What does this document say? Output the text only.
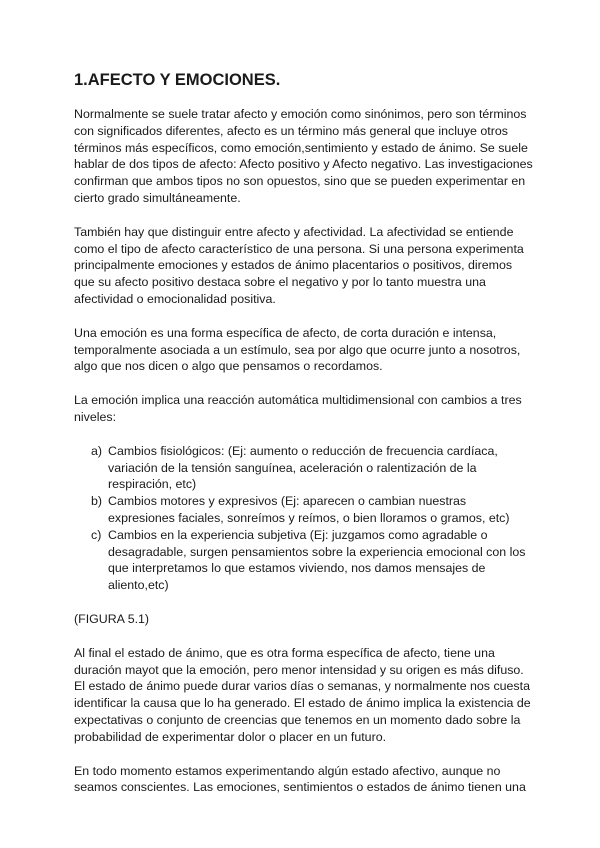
1.AFECTO Y EMOCIONES.

Normalmente se suele tratar afecto y emoción como sinónimos, pero son términos con significados diferentes, afecto es un término más general que incluye otros términos más específicos, como emoción,sentimiento y estado de ánimo. Se suele hablar de dos tipos de afecto: Afecto positivo y Afecto negativo. Las investigaciones confirman que ambos tipos no son opuestos, sino que se pueden experimentar en cierto grado simultáneamente.

También hay que distinguir entre afecto y afectividad. La afectividad se entiende como el tipo de afecto característico de una persona. Si una persona experimenta principalmente emociones y estados de ánimo placentarios o positivos, diremos que su afecto positivo destaca sobre el negativo y por lo tanto muestra una afectividad o emocionalidad positiva.

Una emoción es una forma específica de afecto, de corta duración e intensa, temporalmente asociada a un estímulo, sea por algo que ocurre junto a nosotros, algo que nos dicen o algo que pensamos o recordamos.

La emoción implica una reacción automática multidimensional con cambios a tres niveles:

a) Cambios fisiológicos: (Ej: aumento o reducción de frecuencia cardíaca, variación de la tensión sanguínea, aceleración o ralentización de la respiración, etc)
b) Cambios motores y expresivos (Ej: aparecen o cambian nuestras expresiones faciales, sonreímos y reímos, o bien lloramos o gramos, etc)
c) Cambios en la experiencia subjetiva (Ej: juzgamos como agradable o desagradable, surgen pensamientos sobre la experiencia emocional con los que interpretamos lo que estamos viviendo, nos damos mensajes de aliento,etc)

(FIGURA 5.1)

Al final el estado de ánimo, que es otra forma específica de afecto, tiene una duración mayot que la emoción, pero menor intensidad y su origen es más difuso. El estado de ánimo puede durar varios días o semanas, y normalmente nos cuesta identificar la causa que lo ha generado. El estado de ánimo implica la existencia de expectativas o conjunto de creencias que tenemos en un momento dado sobre la probabilidad de experimentar dolor o placer en un futuro.

En todo momento estamos experimentando algún estado afectivo, aunque no seamos conscientes. Las emociones, sentimientos o estados de ánimo tienen una
